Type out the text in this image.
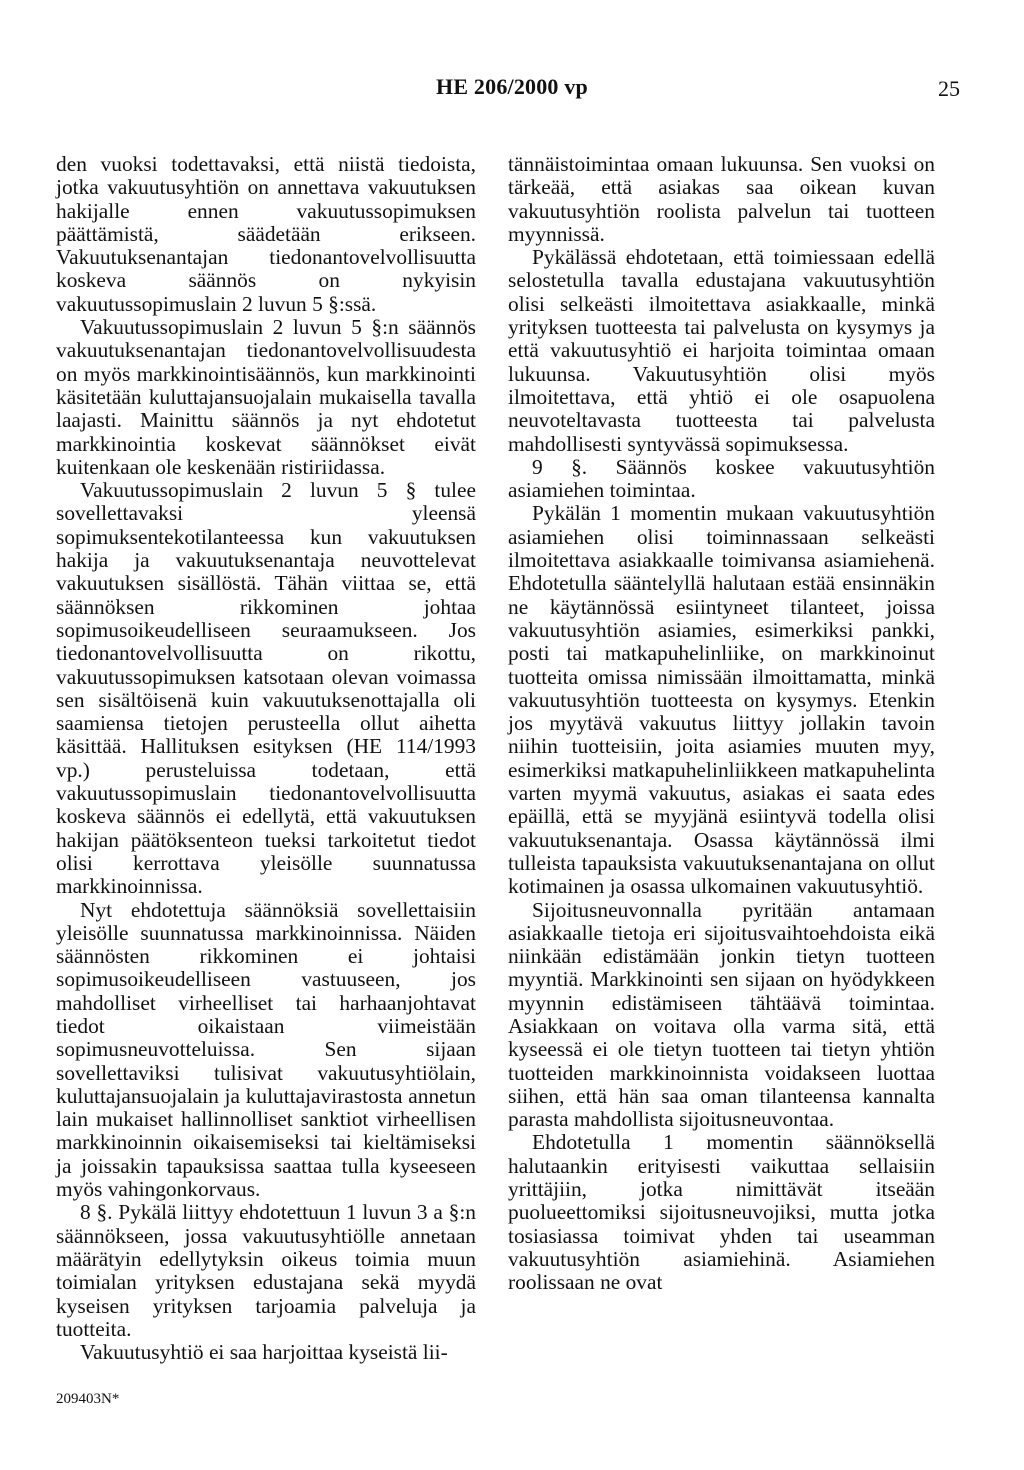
HE 206/2000 vp	25

den vuoksi todettavaksi, että niistä tiedoista, jotka vakuutusyhtiön on annettava vakuutuksen hakijalle ennen vakuutussopimuksen päättämistä, säädetään erikseen. Vakuutuksenantajan tiedonantovelvollisuutta koskeva säännös on nykyisin vakuutussopimuslain 2 luvun 5 §:ssä.

Vakuutussopimuslain 2 luvun 5 §:n säännös vakuutuksenantajan tiedonantovelvollisuudesta on myös markkinointisäännös, kun markkinointi käsitetään kuluttajansuojalain mukaisella tavalla laajasti. Mainittu säännös ja nyt ehdotetut markkinointia koskevat säännökset eivät kuitenkaan ole keskenään ristiriidassa.

Vakuutussopimuslain 2 luvun 5 § tulee sovellettavaksi yleensä sopimuksentekotilanteessa kun vakuutuksen hakija ja vakuutuksenantaja neuvottelevat vakuutuksen sisällöstä. Tähän viittaa se, että säännöksen rikkominen johtaa sopimusoikeudelliseen seuraamukseen. Jos tiedonantovelvollisuutta on rikottu, vakuutussopimuksen katsotaan olevan voimassa sen sisältöisenä kuin vakuutuksenottajalla oli saamiensa tietojen perusteella ollut aihetta käsittää. Hallituksen esityksen (HE 114/1993 vp.) perusteluissa todetaan, että vakuutussopimuslain tiedonantovelvollisuutta koskeva säännös ei edellytä, että vakuutuksen hakijan päätöksenteon tueksi tarkoitetut tiedot olisi kerrottava yleisölle suunnatussa markkinoinnissa.

Nyt ehdotettuja säännöksiä sovellettaisiin yleisölle suunnatussa markkinoinnissa. Näiden säännösten rikkominen ei johtaisi sopimusoikeudelliseen vastuuseen, jos mahdolliset virheelliset tai harhaanjohtavat tiedot oikaistaan viimeistään sopimusneuvotteluissa. Sen sijaan sovellettaviksi tulisivat vakuutusyhtiölain, kuluttajansuojalain ja kuluttajavirastosta annetun lain mukaiset hallinnolliset sanktiot virheellisen markkinoinnin oikaisemiseksi tai kieltämiseksi ja joissakin tapauksissa saattaa tulla kyseeseen myös vahingonkorvaus.

8 §. Pykälä liittyy ehdotettuun 1 luvun 3 a §:n säännökseen, jossa vakuutusyhtiölle annetaan määrätyin edellytyksin oikeus toimia muun toimialan yrityksen edustajana sekä myydä kyseisen yrityksen tarjoamia palveluja ja tuotteita.

Vakuutusyhtiö ei saa harjoittaa kyseistä lii-

tännäistoimintaa omaan lukuunsa. Sen vuoksi on tärkeää, että asiakas saa oikean kuvan vakuutusyhtiön roolista palvelun tai tuotteen myynnissä.

Pykälässä ehdotetaan, että toimiessaan edellä selostetulla tavalla edustajana vakuutusyhtiön olisi selkeästi ilmoitettava asiakkaalle, minkä yrityksen tuotteesta tai palvelusta on kysymys ja että vakuutusyhtiö ei harjoita toimintaa omaan lukuunsa. Vakuutusyhtiön olisi myös ilmoitettava, että yhtiö ei ole osapuolena neuvoteltavasta tuotteesta tai palvelusta mahdollisesti syntyvässä sopimuksessa.

9 §. Säännös koskee vakuutusyhtiön asiamiehen toimintaa.

Pykälän 1 momentin mukaan vakuutusyhtiön asiamiehen olisi toiminnassaan selkeästi ilmoitettava asiakkaalle toimivansa asiamiehenä. Ehdotetulla sääntelyllä halutaan estää ensinnäkin ne käytännössä esiintyneet tilanteet, joissa vakuutusyhtiön asiamies, esimerkiksi pankki, posti tai matkapuhelinliike, on markkinoinut tuotteita omissa nimissään ilmoittamatta, minkä vakuutusyhtiön tuotteesta on kysymys. Etenkin jos myytävä vakuutus liittyy jollakin tavoin niihin tuotteisiin, joita asiamies muuten myy, esimerkiksi matkapuhelinliikkeen matkapuhelinta varten myymä vakuutus, asiakas ei saata edes epäillä, että se myyjänä esiintyvä todella olisi vakuutuksenantaja. Osassa käytännössä ilmi tulleista tapauksista vakuutuksenantajana on ollut kotimainen ja osassa ulkomainen vakuutusyhtiö.

Sijoitusneuvonnalla pyritään antamaan asiakkaalle tietoja eri sijoitusvaihtoehdoista eikä niinkään edistämään jonkin tietyn tuotteen myyntiä. Markkinointi sen sijaan on hyödykkeen myynnin edistämiseen tähtäävä toimintaa. Asiakkaan on voitava olla varma sitä, että kyseessä ei ole tietyn tuotteen tai tietyn yhtiön tuotteiden markkinoinnista voidakseen luottaa siihen, että hän saa oman tilanteensa kannalta parasta mahdollista sijoitusneuvontaa.

Ehdotetulla 1 momentin säännöksellä halutaankin erityisesti vaikuttaa sellaisiin yrittäjiin, jotka nimittävät itseään puolueettomiksi sijoitusneuvojiksi, mutta jotka tosiasiassa toimivat yhden tai useamman vakuutusyhtiön asiamiehinä. Asiamiehen roolissaan ne ovat

209403N*
